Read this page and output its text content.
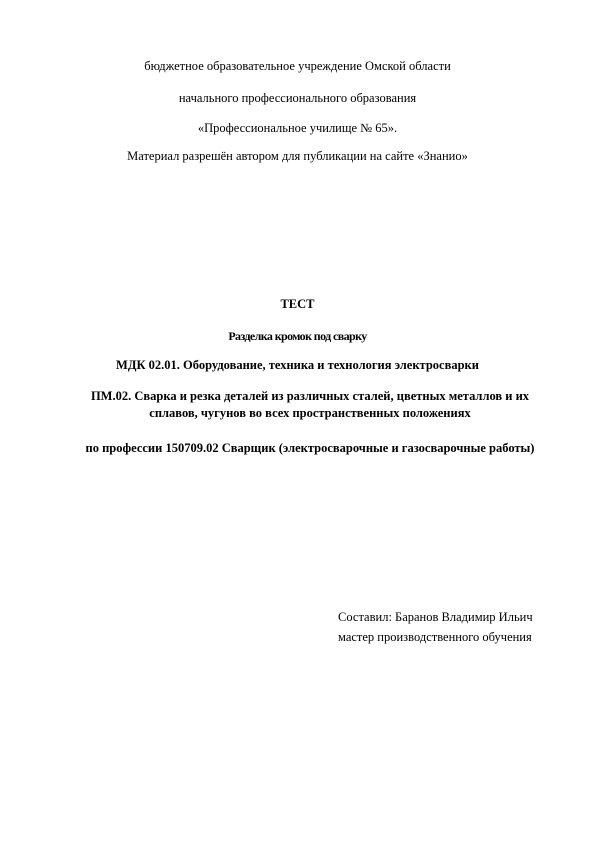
бюджетное образовательное учреждение Омской области
начального профессионального образования
«Профессиональное училище № 65».
Материал разрешён автором для публикации на сайте «Знанио»
ТЕСТ
Разделка кромок под сварку
МДК 02.01. Оборудование, техника и технология электросварки
ПМ.02. Сварка и резка деталей из различных сталей, цветных металлов и их сплавов, чугунов во всех пространственных положениях
по профессии 150709.02 Сварщик (электросварочные и газосварочные работы)
Составил: Баранов Владимир Ильич
мастер производственного обучения
